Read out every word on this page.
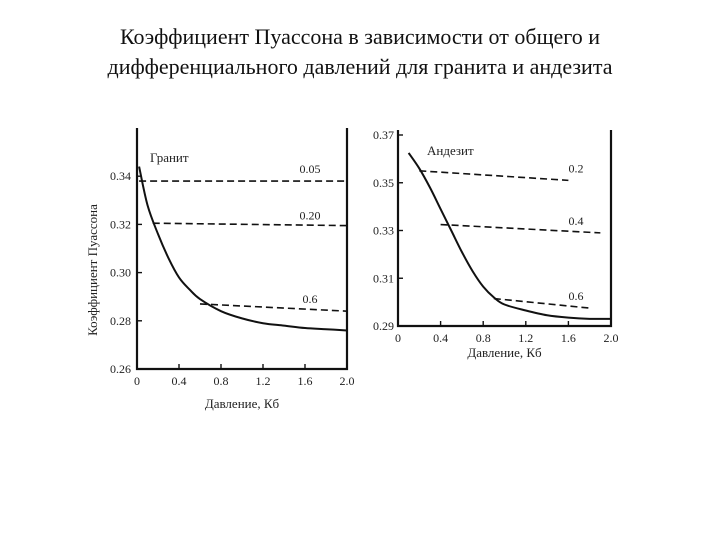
Коэффициент Пуассона в зависимости от общего и
дифференциального давлений для гранита и андезита
0	0.4 0.8 1.2 1.6 2.0
0.26
0.28
0.30
0.32
0.34
Давление, Кб
Коэффициент Пуассона
Гранит
0.05
0.20
0.6
0	0.4 0.8 1.2 1.6 2.0
0.29
0.31
0.33
0.35
0.37
Давление, Кб
Андезит
0.2
0.4
0.6
